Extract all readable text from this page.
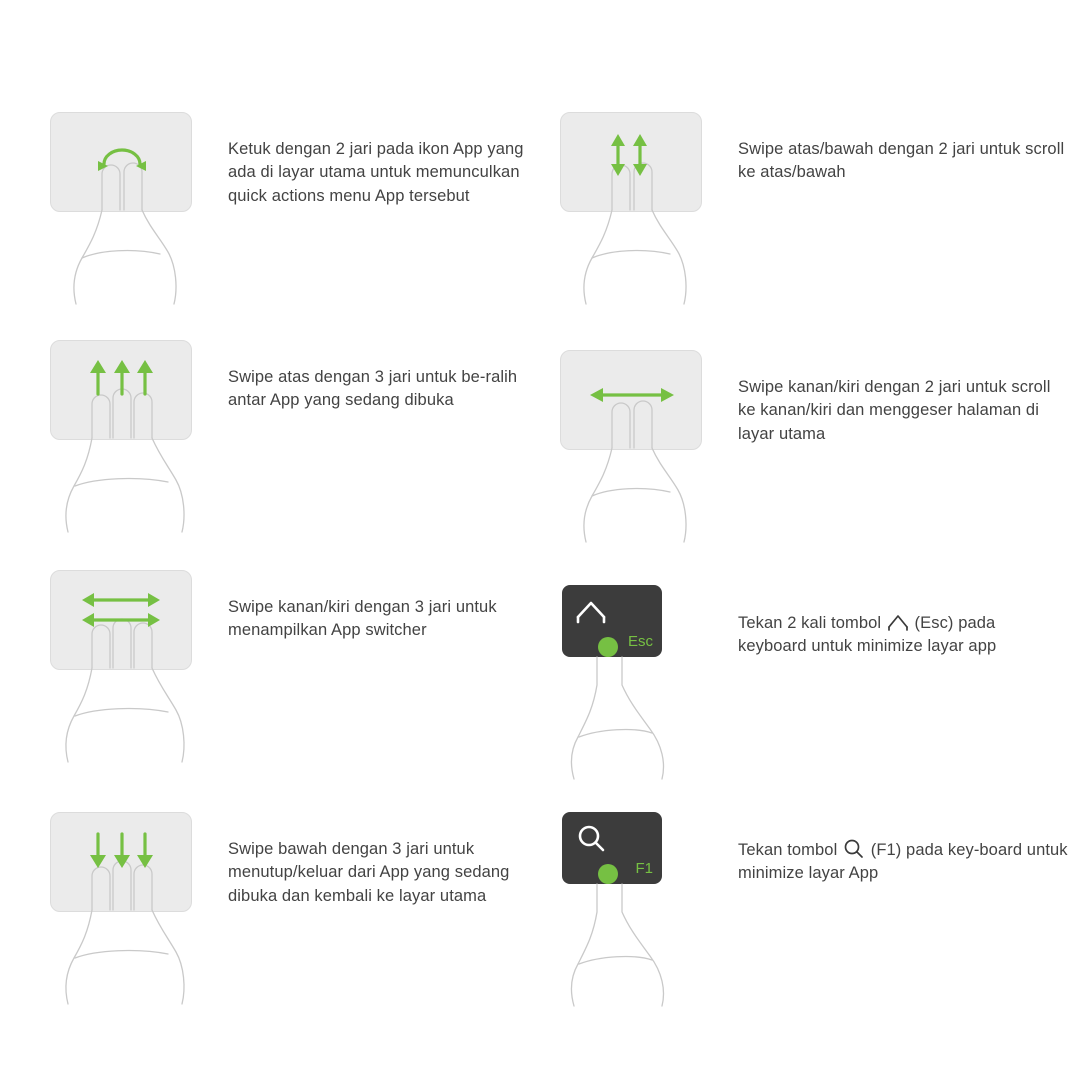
Ketuk dengan 2 jari pada ikon App yang ada di layar utama untuk memunculkan quick actions menu App tersebut
Swipe atas/bawah dengan 2 jari untuk scroll ke atas/bawah
Swipe atas dengan 3 jari untuk be-ralih antar App yang sedang dibuka
Swipe kanan/kiri dengan 2 jari untuk scroll ke kanan/kiri dan menggeser halaman di layar utama
Swipe kanan/kiri dengan 3 jari untuk menampilkan App switcher
Esc
Tekan 2 kali tombol (Esc) pada keyboard untuk minimize layar app
Swipe bawah dengan 3 jari untuk menutup/keluar dari App yang sedang dibuka dan kembali ke layar utama
F1
Tekan tombol (F1) pada key-board untuk minimize layar App
